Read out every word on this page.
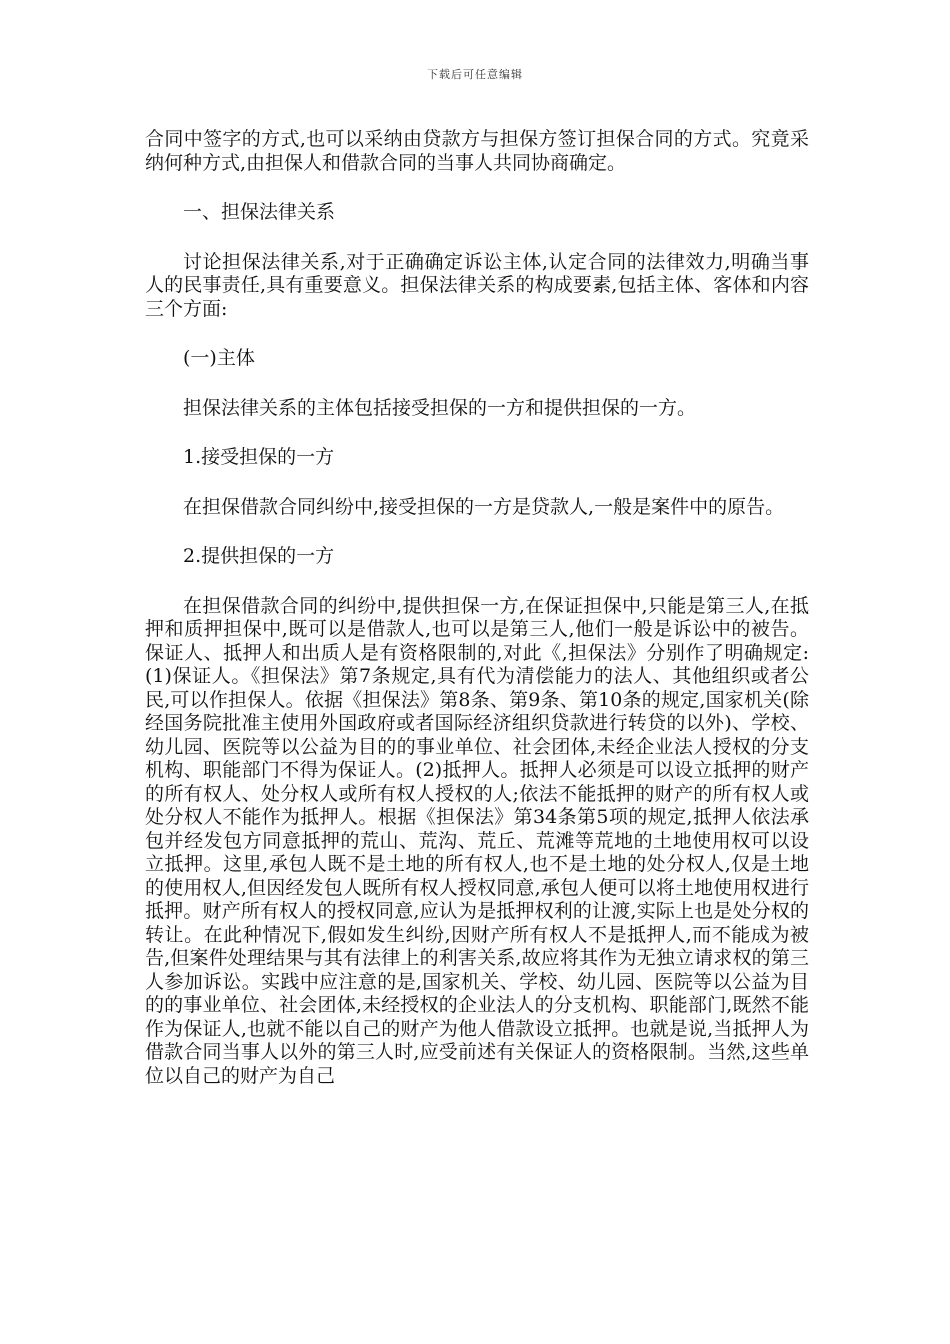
下载后可任意编辑

合同中签字的方式,也可以采纳由贷款方与担保方签订担保合同的方式。究竟采纳何种方式,由担保人和借款合同的当事人共同协商确定。

一、担保法律关系

讨论担保法律关系,对于正确确定诉讼主体,认定合同的法律效力,明确当事人的民事责任,具有重要意义。担保法律关系的构成要素,包括主体、客体和内容三个方面:

(一)主体

担保法律关系的主体包括接受担保的一方和提供担保的一方。

1.接受担保的一方

在担保借款合同纠纷中,接受担保的一方是贷款人,一般是案件中的原告。

2.提供担保的一方

在担保借款合同的纠纷中,提供担保一方,在保证担保中,只能是第三人,在抵押和质押担保中,既可以是借款人,也可以是第三人,他们一般是诉讼中的被告。保证人、抵押人和出质人是有资格限制的,对此《,担保法》分别作了明确规定:(1)保证人。《担保法》第7条规定,具有代为清偿能力的法人、其他组织或者公民,可以作担保人。依据《担保法》第8条、第9条、第10条的规定,国家机关(除经国务院批准主使用外国政府或者国际经济组织贷款进行转贷的以外)、学校、幼儿园、医院等以公益为目的的事业单位、社会团体,未经企业法人授权的分支机构、职能部门不得为保证人。(2)抵押人。抵押人必须是可以设立抵押的财产的所有权人、处分权人或所有权人授权的人;依法不能抵押的财产的所有权人或处分权人不能作为抵押人。根据《担保法》第34条第5项的规定,抵押人依法承包并经发包方同意抵押的荒山、荒沟、荒丘、荒滩等荒地的土地使用权可以设立抵押。这里,承包人既不是土地的所有权人,也不是土地的处分权人,仅是土地的使用权人,但因经发包人既所有权人授权同意,承包人便可以将土地使用权进行抵押。财产所有权人的授权同意,应认为是抵押权利的让渡,实际上也是处分权的转让。在此种情况下,假如发生纠纷,因财产所有权人不是抵押人,而不能成为被告,但案件处理结果与其有法律上的利害关系,故应将其作为无独立请求权的第三人参加诉讼。实践中应注意的是,国家机关、学校、幼儿园、医院等以公益为目的的事业单位、社会团体,未经授权的企业法人的分支机构、职能部门,既然不能作为保证人,也就不能以自己的财产为他人借款设立抵押。也就是说,当抵押人为借款合同当事人以外的第三人时,应受前述有关保证人的资格限制。当然,这些单位以自己的财产为自己
